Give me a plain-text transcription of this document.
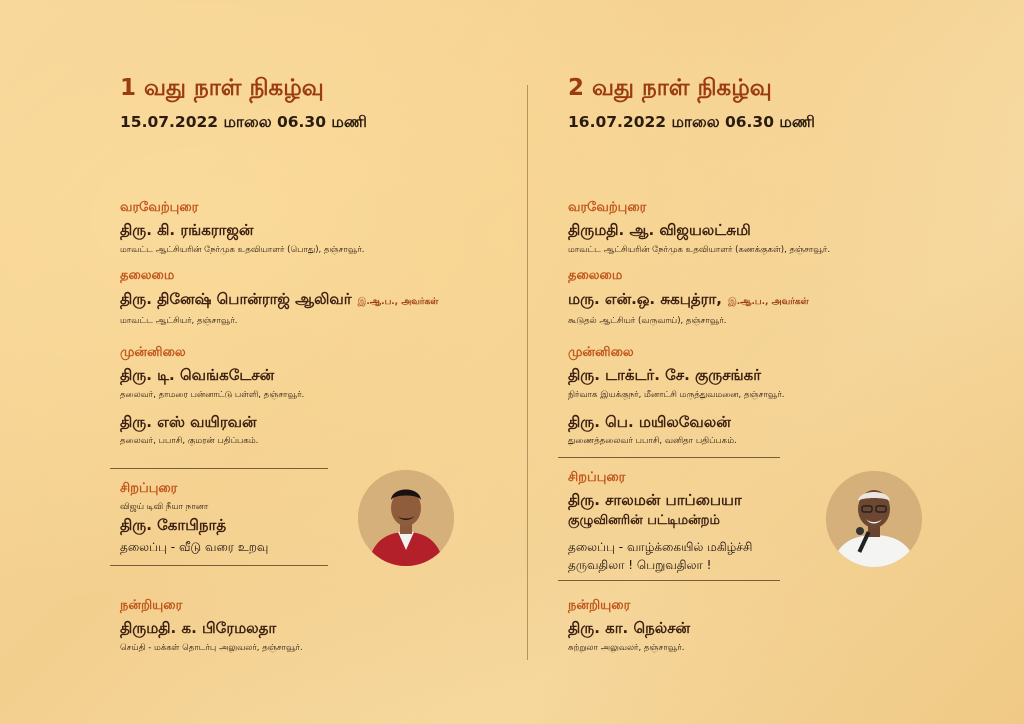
1 வது நாள் நிகழ்வு
15.07.2022 மாலை 06.30 மணி
வரவேற்புரை
திரு. கி. ரங்கராஜன்
மாவட்ட ஆட்சியரின் நேர்முக உதவியாளர் (பொது), தஞ்சாவூர்.
தலைமை
திரு. தினேஷ் பொன்ராஜ் ஆலிவர் இ.ஆ.ப., அவர்கள்
மாவட்ட ஆட்சியர், தஞ்சாவூர்.
முன்னிலை
திரு. டி. வெங்கடேசன்
தலைவர், தாமரை பன்னாட்டு பள்ளி, தஞ்சாவூர்.
திரு. எஸ் வயிரவன்
தலைவர், பபாசி, குமரன் பதிப்பகம்.
சிறப்புரை
விஜய் டிவி நீயா நானா
திரு. கோபிநாத்
தலைப்பு - வீடு வரை உறவு
நன்றியுரை
திருமதி. க. பிரேமலதா
செய்தி - மக்கள் தொடர்பு அலுவலர், தஞ்சாவூர்.
2 வது நாள் நிகழ்வு
16.07.2022 மாலை 06.30 மணி
வரவேற்புரை
திருமதி. ஆ. விஜயலட்சுமி
மாவட்ட ஆட்சியரின் நேர்முக உதவியாளர் (கணக்குகள்), தஞ்சாவூர்.
தலைமை
மரு. என்.ஒ. சுகபுத்ரா, இ.ஆ.ப., அவர்கள்
கூடுதல் ஆட்சியர் (வருவாய்), தஞ்சாவூர்.
முன்னிலை
திரு. டாக்டர். சே. குருசங்கர்
நிர்வாக இயக்குநர், மீனாட்சி மருத்துவமனை, தஞ்சாவூர்.
திரு. பெ. மயிலவேலன்
துணைத்தலைவர் பபாசி, வனிதா பதிப்பகம்.
சிறப்புரை
திரு. சாலமன் பாப்பையா
குழுவினரின் பட்டிமன்றம்
தலைப்பு - வாழ்க்கையில் மகிழ்ச்சி
தருவதிலா ! பெறுவதிலா !
நன்றியுரை
திரு. கா. நெல்சன்
சுற்றுலா அலுவலர், தஞ்சாவூர்.
